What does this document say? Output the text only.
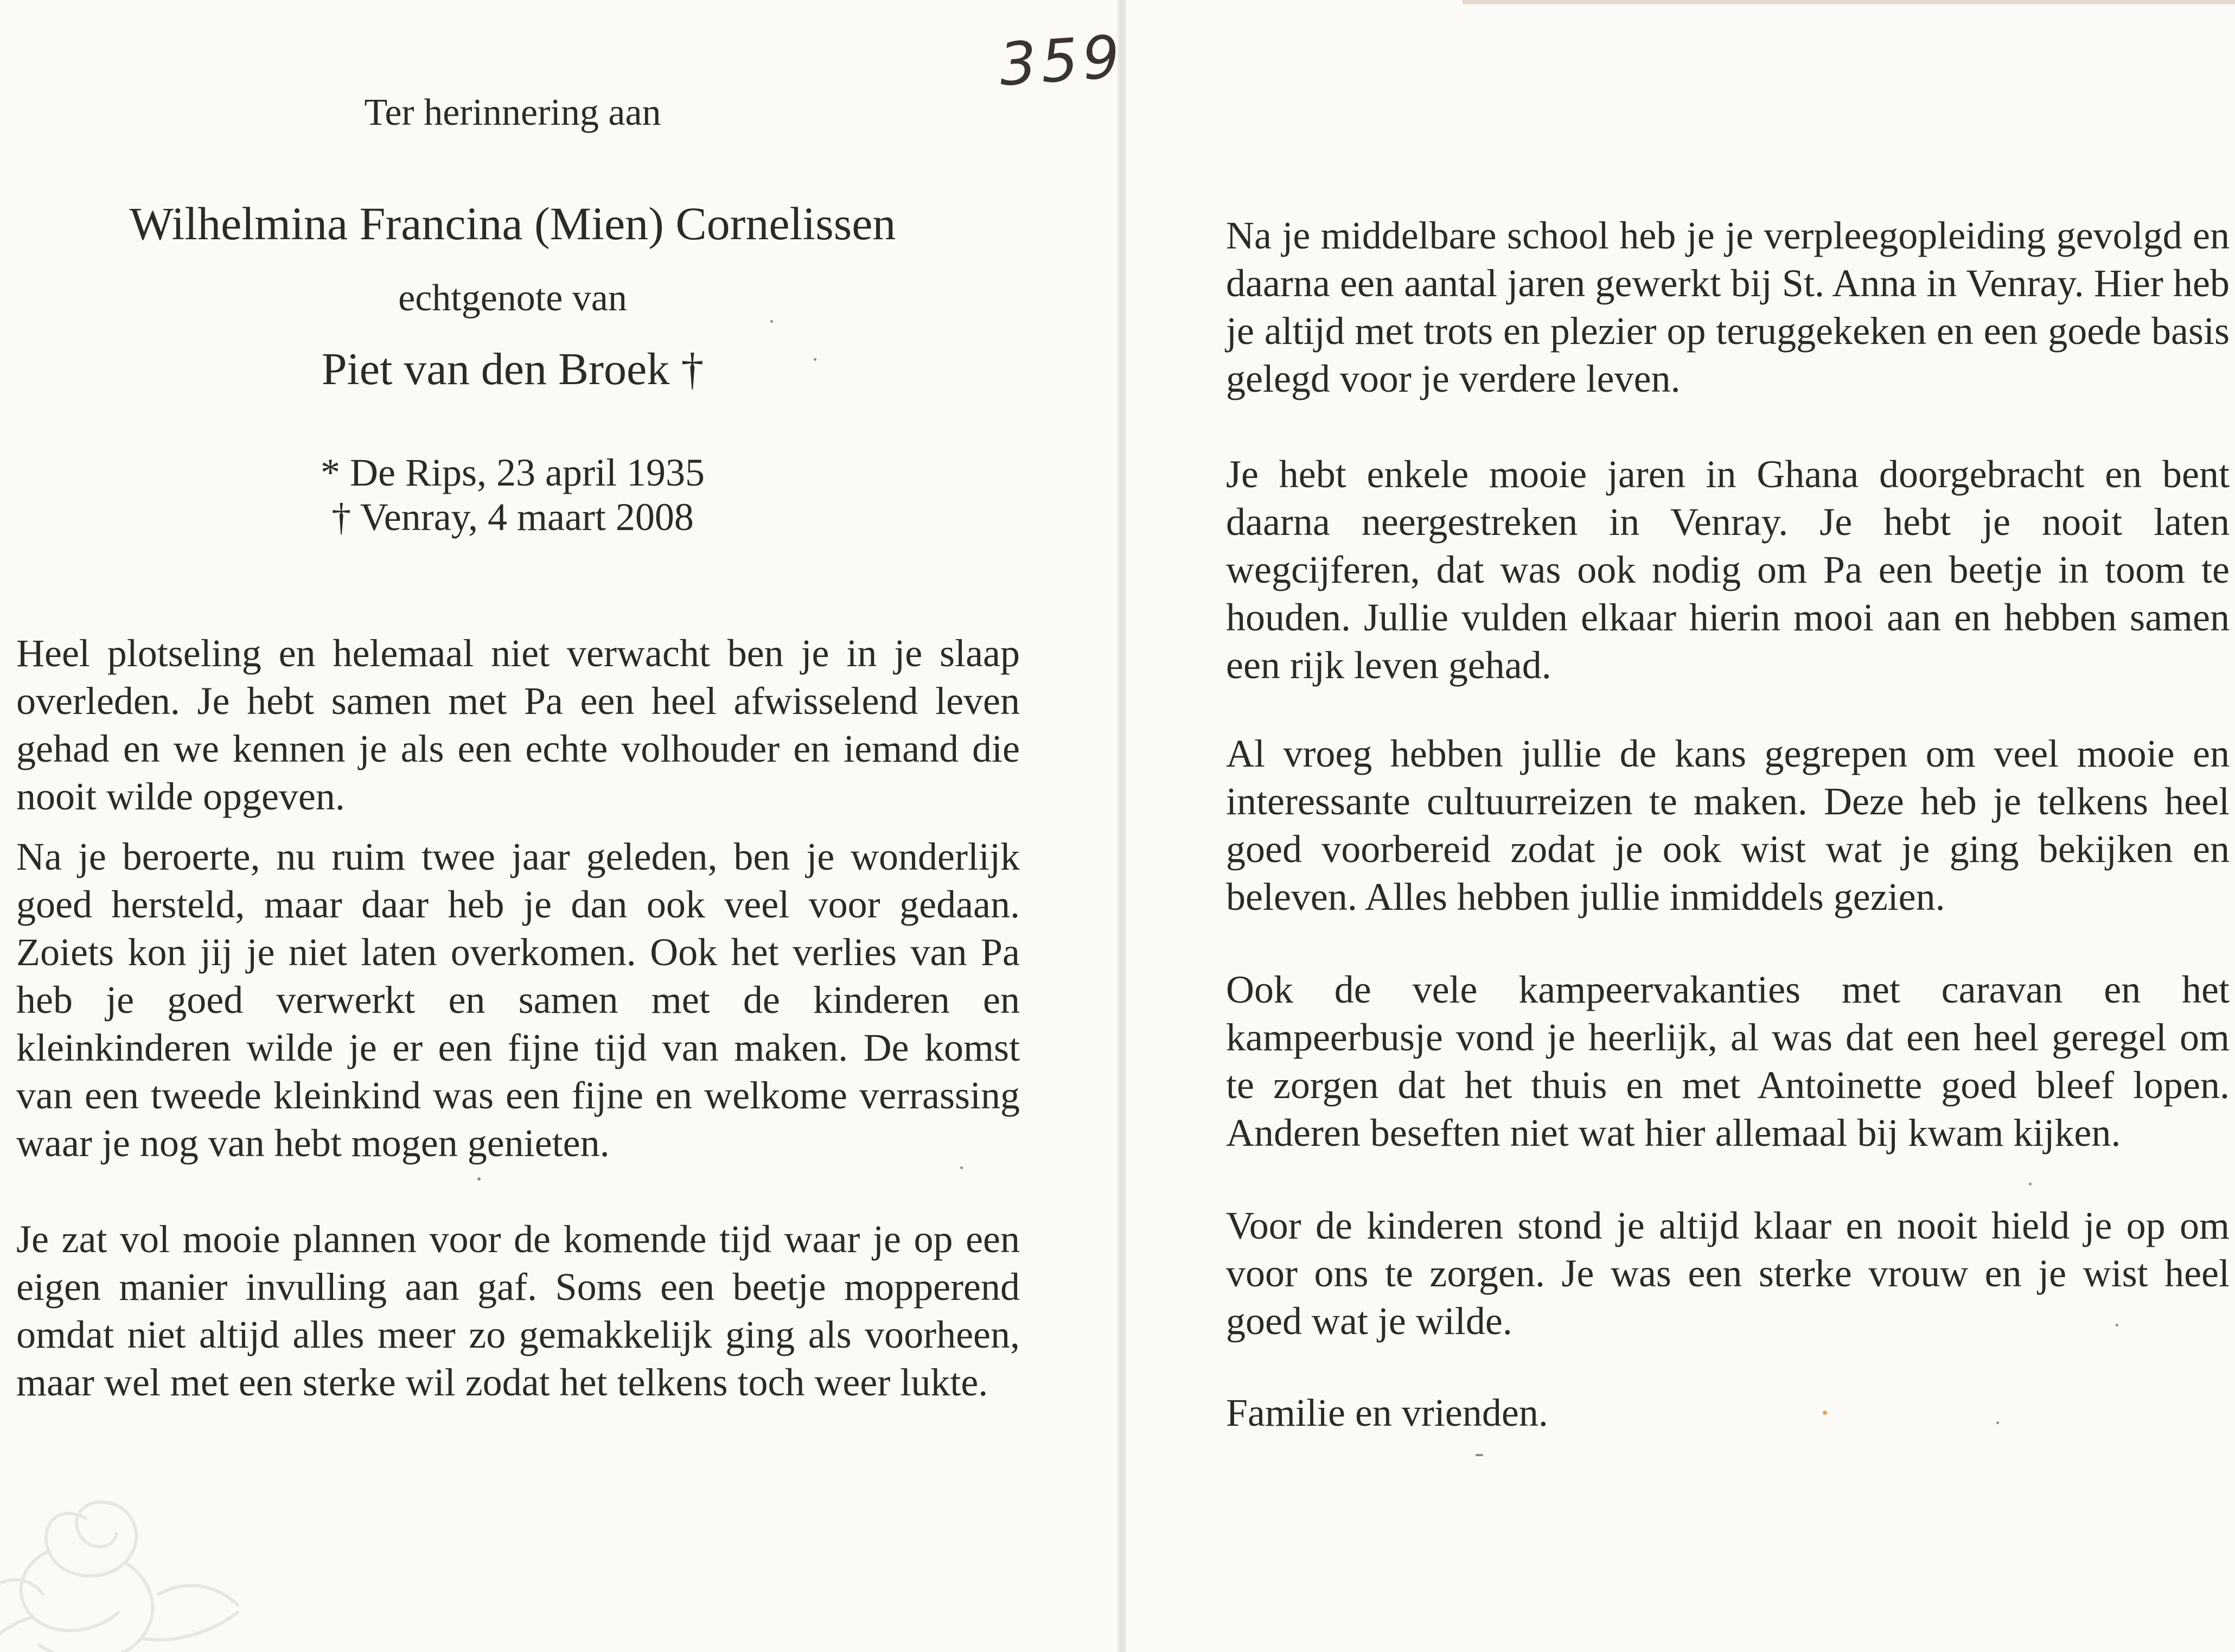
Ter herinnering aan
Wilhelmina Francina (Mien) Cornelissen
echtgenote van
Piet van den Broek †
* De Rips, 23 april 1935
† Venray, 4 maart 2008

Heel plotseling en helemaal niet verwacht ben je in je slaap overleden. Je hebt samen met Pa een heel afwisselend leven gehad en we kennen je als een echte volhouder en iemand die nooit wilde opgeven.

Na je beroerte, nu ruim twee jaar geleden, ben je wonderlijk goed hersteld, maar daar heb je dan ook veel voor gedaan. Zoiets kon jij je niet laten overkomen. Ook het verlies van Pa heb je goed verwerkt en samen met de kinderen en kleinkinderen wilde je er een fijne tijd van maken. De komst van een tweede kleinkind was een fijne en welkome verrassing waar je nog van hebt mogen genieten.

Je zat vol mooie plannen voor de komende tijd waar je op een eigen manier invulling aan gaf. Soms een beetje mopperend omdat niet altijd alles meer zo gemakkelijk ging als voorheen, maar wel met een sterke wil zodat het telkens toch weer lukte.

359

Na je middelbare school heb je je verpleegopleiding gevolgd en daarna een aantal jaren gewerkt bij St. Anna in Venray. Hier heb je altijd met trots en plezier op teruggekeken en een goede basis gelegd voor je verdere leven.

Je hebt enkele mooie jaren in Ghana doorgebracht en bent daarna neergestreken in Venray. Je hebt je nooit laten wegcijferen, dat was ook nodig om Pa een beetje in toom te houden. Jullie vulden elkaar hierin mooi aan en hebben samen een rijk leven gehad.

Al vroeg hebben jullie de kans gegrepen om veel mooie en interessante cultuurreizen te maken. Deze heb je telkens heel goed voorbereid zodat je ook wist wat je ging bekijken en beleven. Alles hebben jullie inmiddels gezien.

Ook de vele kampeervakanties met caravan en het kampeerbusje vond je heerlijk, al was dat een heel geregel om te zorgen dat het thuis en met Antoinette goed bleef lopen. Anderen beseften niet wat hier allemaal bij kwam kijken.

Voor de kinderen stond je altijd klaar en nooit hield je op om voor ons te zorgen. Je was een sterke vrouw en je wist heel goed wat je wilde.

Familie en vrienden.
